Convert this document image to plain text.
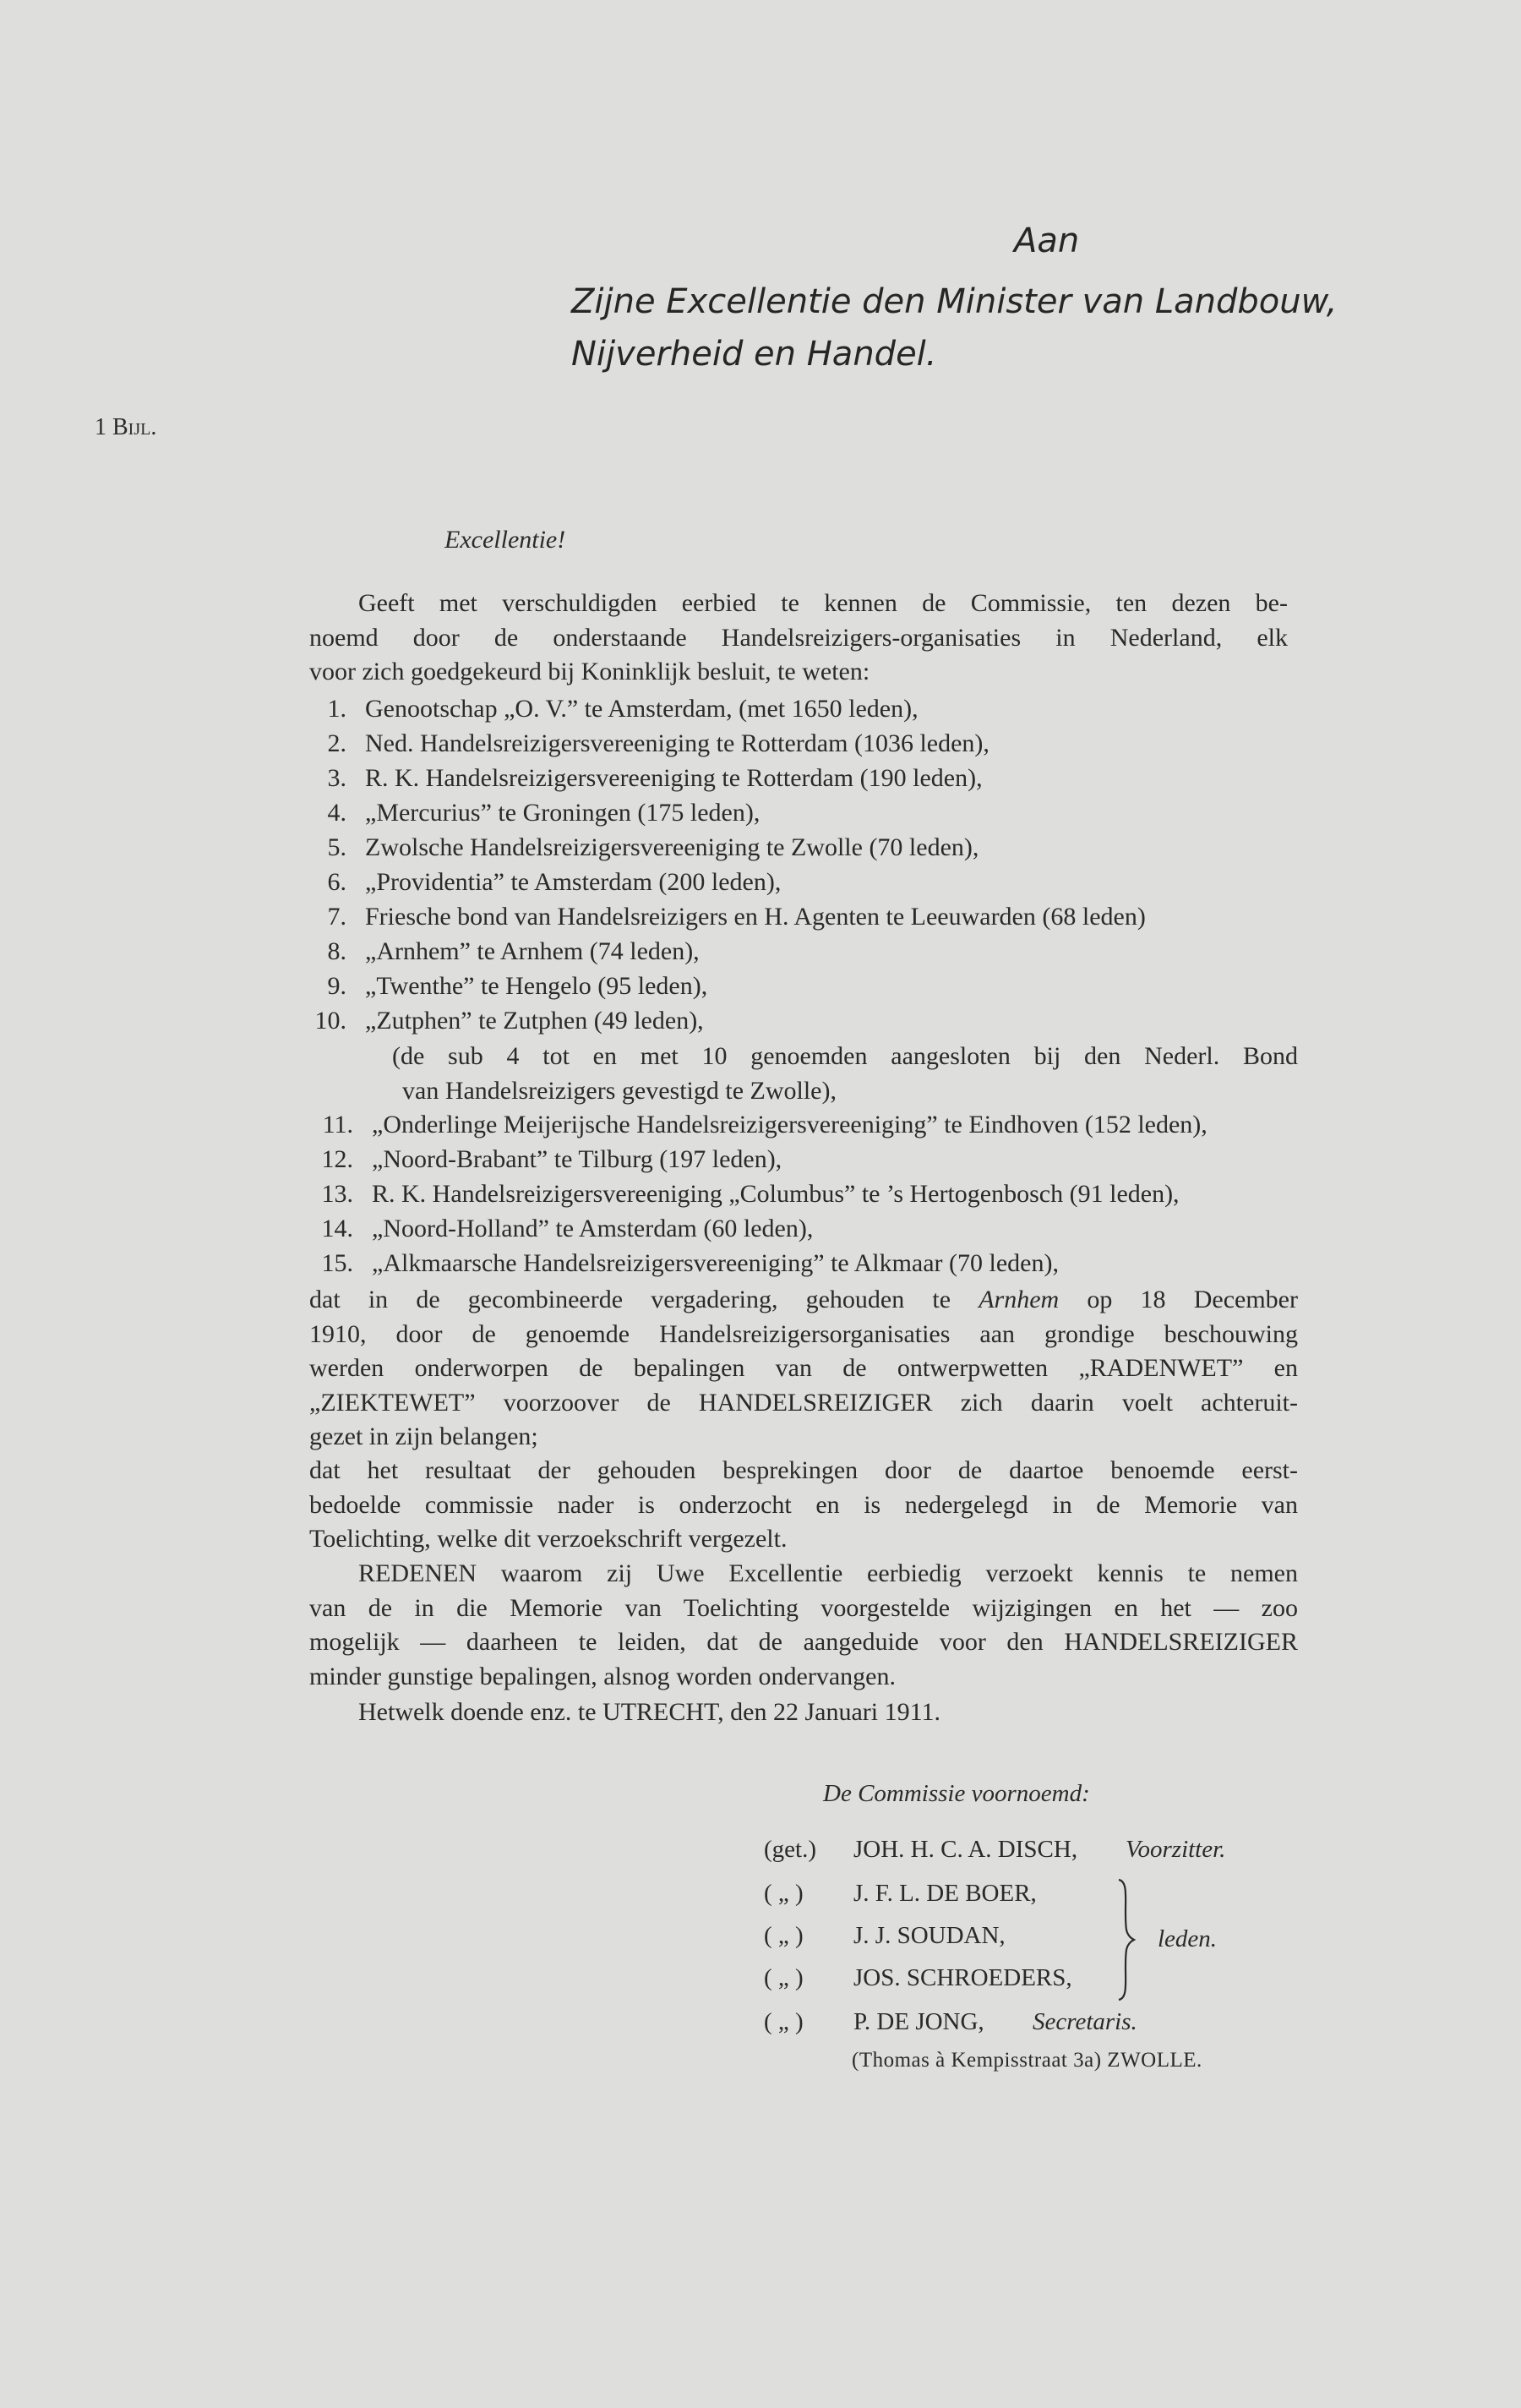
Aan
Zijne Excellentie den Minister van Landbouw,
Nijverheid en Handel.
1 Bijl.
Excellentie!
Geeft met verschuldigden eerbied te kennen de Commissie, ten dezen be-
noemd door de onderstaande Handelsreizigers-organisaties in Nederland, elk
voor zich goedgekeurd bij Koninklijk besluit, te weten:
1. Genootschap „O. V.” te Amsterdam, (met 1650 leden),
2. Ned. Handelsreizigersvereeniging te Rotterdam (1036 leden),
3. R. K. Handelsreizigersvereeniging te Rotterdam (190 leden),
4. „Mercurius” te Groningen (175 leden),
5. Zwolsche Handelsreizigersvereeniging te Zwolle (70 leden),
6. „Providentia” te Amsterdam (200 leden),
7. Friesche bond van Handelsreizigers en H. Agenten te Leeuwarden (68 leden)
8. „Arnhem” te Arnhem (74 leden),
9. „Twenthe” te Hengelo (95 leden),
10. „Zutphen” te Zutphen (49 leden),
(de sub 4 tot en met 10 genoemden aangesloten bij den Nederl. Bond
van Handelsreizigers gevestigd te Zwolle),
11. „Onderlinge Meijerijsche Handelsreizigersvereeniging” te Eindhoven (152 leden),
12. „Noord-Brabant” te Tilburg (197 leden),
13. R. K. Handelsreizigersvereeniging „Columbus” te ’s Hertogenbosch (91 leden),
14. „Noord-Holland” te Amsterdam (60 leden),
15. „Alkmaarsche Handelsreizigersvereeniging” te Alkmaar (70 leden),
dat in de gecombineerde vergadering, gehouden te Arnhem op 18 December
1910, door de genoemde Handelsreizigersorganisaties aan grondige beschouwing
werden onderworpen de bepalingen van de ontwerpwetten „RADENWET” en
„ZIEKTEWET” voorzoover de HANDELSREIZIGER zich daarin voelt achteruit-
gezet in zijn belangen;
dat het resultaat der gehouden besprekingen door de daartoe benoemde eerst-
bedoelde commissie nader is onderzocht en is nedergelegd in de Memorie van
Toelichting, welke dit verzoekschrift vergezelt.
REDENEN waarom zij Uwe Excellentie eerbiedig verzoekt kennis te nemen
van de in die Memorie van Toelichting voorgestelde wijzigingen en het — zoo
mogelijk — daarheen te leiden, dat de aangeduide voor den HANDELSREIZIGER
minder gunstige bepalingen, alsnog worden ondervangen.
Hetwelk doende enz. te UTRECHT, den 22 Januari 1911.
De Commissie voornoemd:
(get.) JOH. H. C. A. DISCH, Voorzitter.
( „ ) J. F. L. DE BOER,
( „ ) J. J. SOUDAN,
( „ ) JOS. SCHROEDERS,
leden.
( „ ) P. DE JONG, Secretaris.
(Thomas à Kempisstraat 3a) ZWOLLE.
